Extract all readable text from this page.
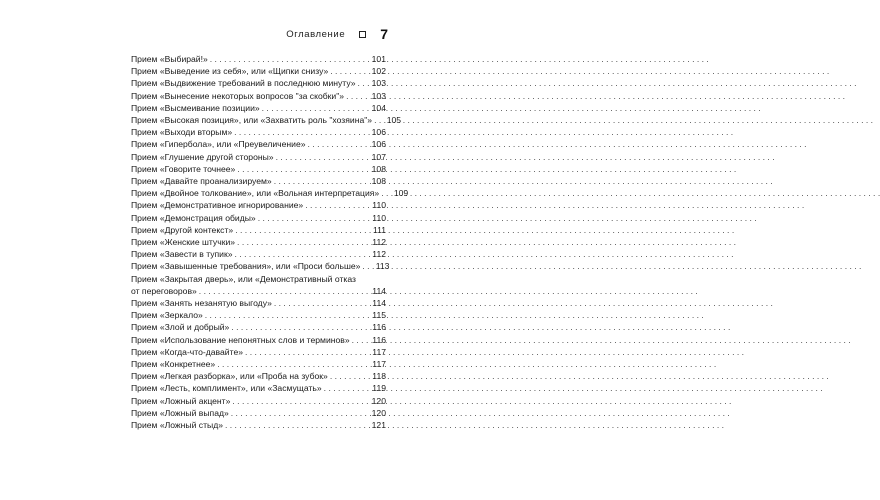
Оглавление	7
Прием «Выбирай!» . . .	101
Прием «Выведение из себя», или «Щипки снизу» . . .	102
Прием «Выдвижение требований в последнюю минуту» . . .	103
Прием «Вынесение некоторых вопросов "за скобки"» . . .	103
Прием «Высмеивание позиции» . . .	104
Прием «Высокая позиция», или «Захватить роль "хозяина"» . . .	105
Прием «Выходи вторым» . . .	106
Прием «Гипербола», или «Преувеличение» . . .	106
Прием «Глушение другой стороны» . . .	107
Прием «Говорите точнее» . . .	108
Прием «Давайте проанализируем» . . .	108
Прием «Двойное толкование», или «Вольная интерпретация» . . .	109
Прием «Демонстративное игнорирование» . . .	110
Прием «Демонстрация обиды» . . .	110
Прием «Другой контекст» . . .	111
Прием «Женские штучки» . . .	112
Прием «Завести в тупик» . . .	112
Прием «Завышенные требования», или «Проси больше» . . .	113
Прием «Закрытая дверь», или «Демонстративный отказ
от переговоров» . . .	114
Прием «Занять незанятую выгоду» . . .	114
Прием «Зеркало» . . .	115
Прием «Злой и добрый» . . .	116
Прием «Использование непонятных слов и терминов» . . .	116
Прием «Когда-что-давайте» . . .	117
Прием «Конкретнее» . . .	117
Прием «Легкая разборка», или «Проба на зубок» . . .	118
Прием «Лесть, комплимент», или «Засмущать» . . .	119
Прием «Ложный акцент» . . .	120
Прием «Ложный выпад» . . .	120
Прием «Ложный стыд» . . .	121
